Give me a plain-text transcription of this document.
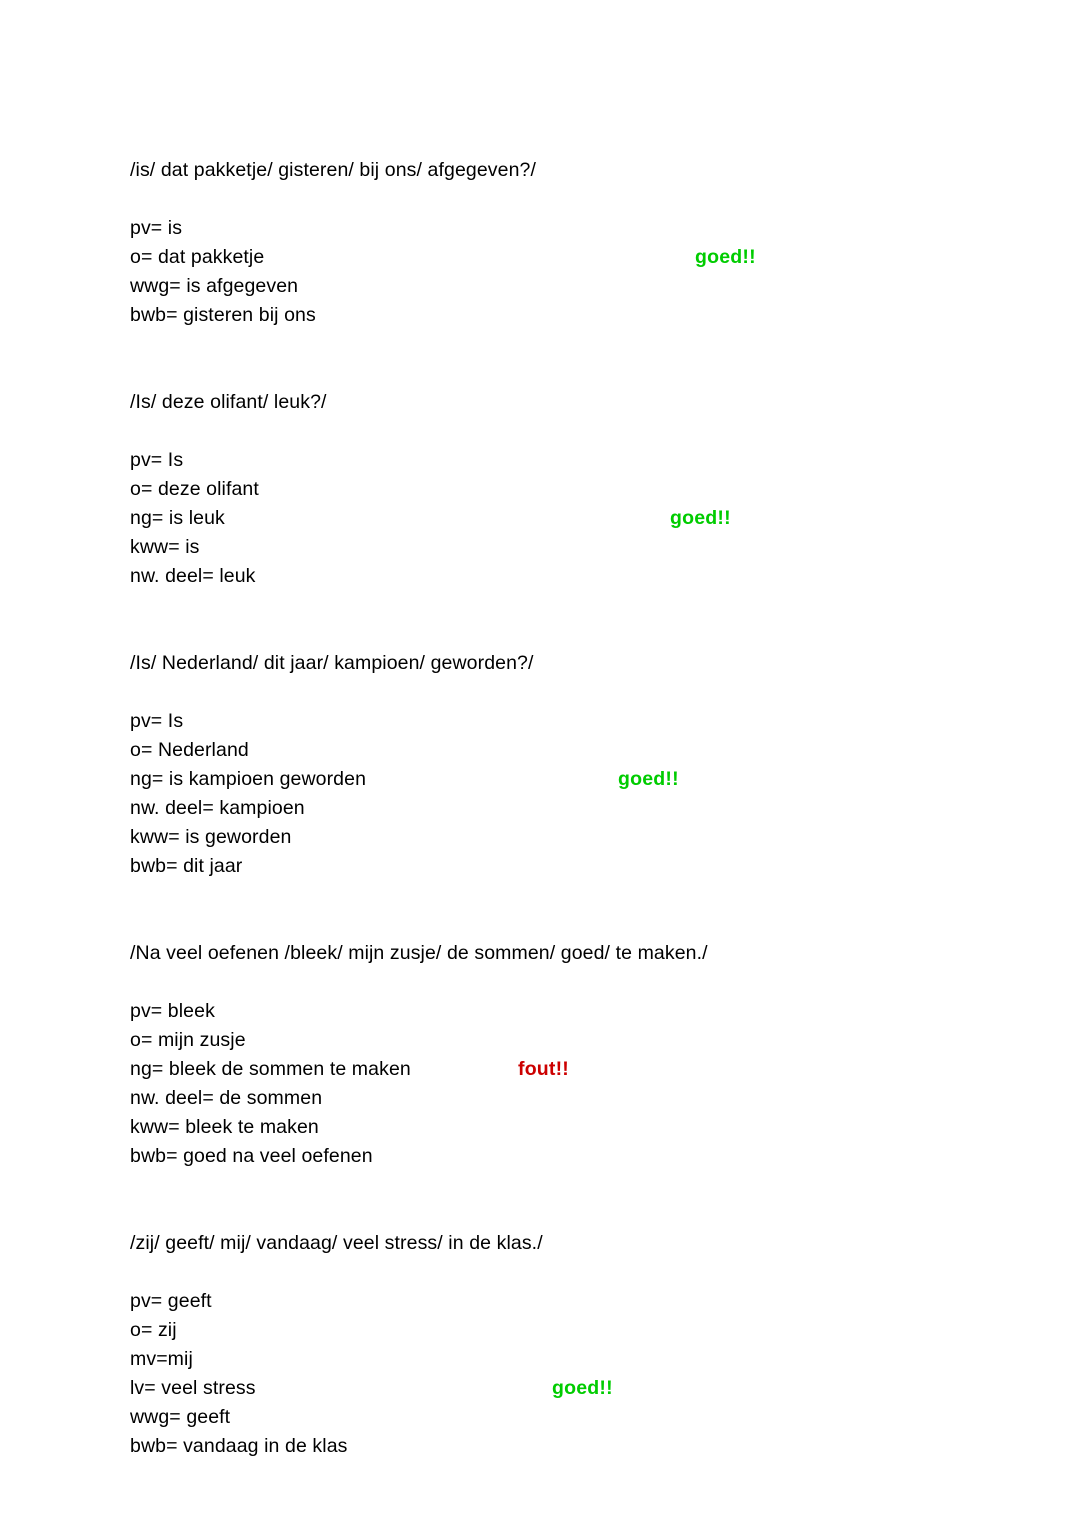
/is/ dat pakketje/ gisteren/ bij ons/ afgegeven?/

pv= is
o= dat pakketje	goed!!
wwg= is afgegeven
bwb= gisteren bij ons

/Is/ deze olifant/ leuk?/

pv= Is
o= deze olifant
ng= is leuk	goed!!
kww= is
nw. deel= leuk

/Is/ Nederland/ dit jaar/ kampioen/ geworden?/

pv= Is
o= Nederland
ng= is kampioen geworden	goed!!
nw. deel= kampioen
kww= is geworden
bwb= dit jaar

/Na veel oefenen /bleek/ mijn zusje/ de sommen/ goed/ te maken./

pv= bleek
o= mijn zusje
ng= bleek de sommen te maken	fout!!
nw. deel= de sommen
kww= bleek te maken
bwb= goed na veel oefenen

/zij/ geeft/ mij/ vandaag/ veel stress/ in de klas./

pv= geeft
o= zij
mv=mij
lv= veel stress	goed!!
wwg= geeft
bwb= vandaag in de klas
